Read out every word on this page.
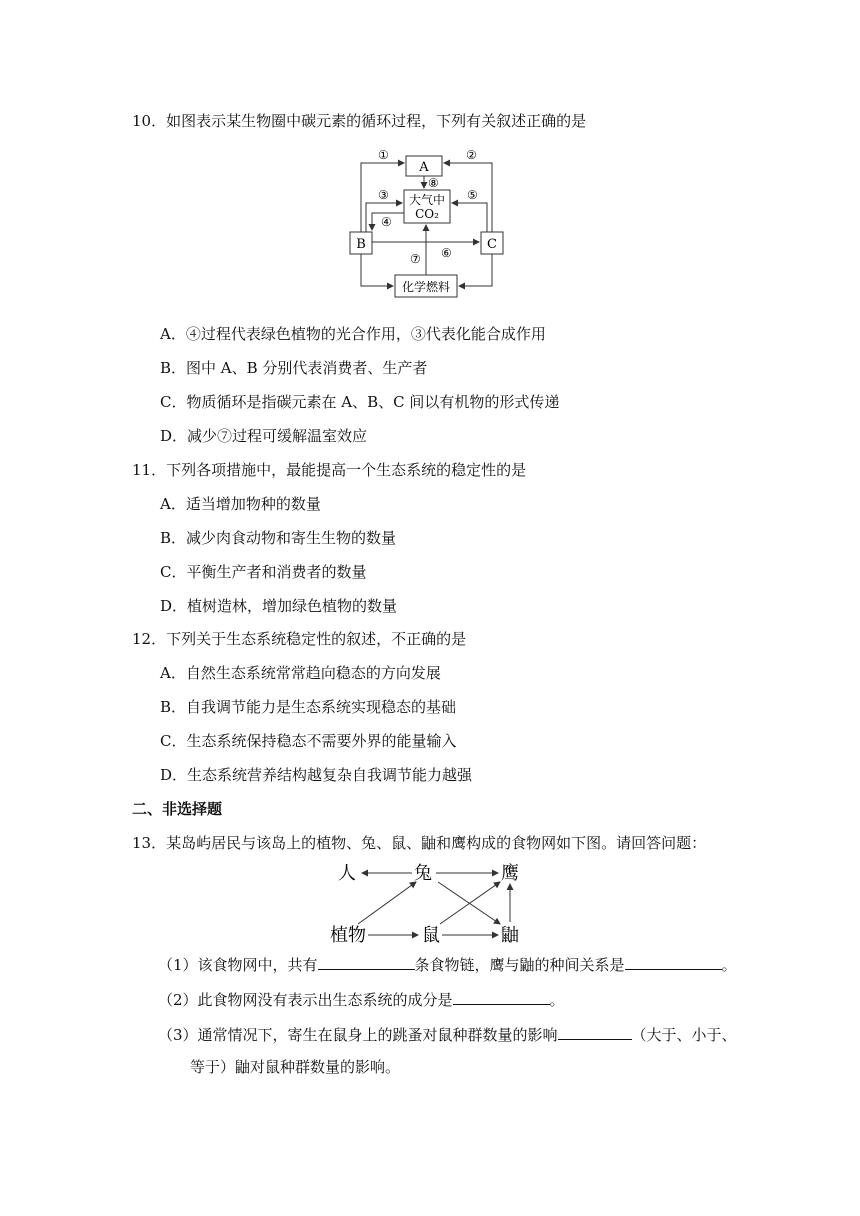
10．如图表示某生物圈中碳元素的循环过程，下列有关叙述正确的是
A
大气中
CO₂
B	C
化学燃料
①	②
③
⑧
⑤
④
⑥
⑦
A．④过程代表绿色植物的光合作用，③代表化能合成作用
B．图中 A、B 分别代表消费者、生产者
C．物质循环是指碳元素在 A、B、C 间以有机物的形式传递
D．减少⑦过程可缓解温室效应
11．下列各项措施中，最能提高一个生态系统的稳定性的是
A．适当增加物种的数量
B．减少肉食动物和寄生生物的数量
C．平衡生产者和消费者的数量
D．植树造林，增加绿色植物的数量
12．下列关于生态系统稳定性的叙述，不正确的是
A．自然生态系统常常趋向稳态的方向发展
B．自我调节能力是生态系统实现稳态的基础
C．生态系统保持稳态不需要外界的能量输入
D．生态系统营养结构越复杂自我调节能力越强
二、非选择题
13．某岛屿居民与该岛上的植物、兔、鼠、鼬和鹰构成的食物网如下图。请回答问题：
人	兔	鹰
植物	鼠	鼬
（1）该食物网中，共有	条食物链，鹰与鼬的种间关系是	。
（2）此食物网没有表示出生态系统的成分是	。
（3）通常情况下，寄生在鼠身上的跳蚤对鼠种群数量的影响	（大于、小于、
等于）鼬对鼠种群数量的影响。
